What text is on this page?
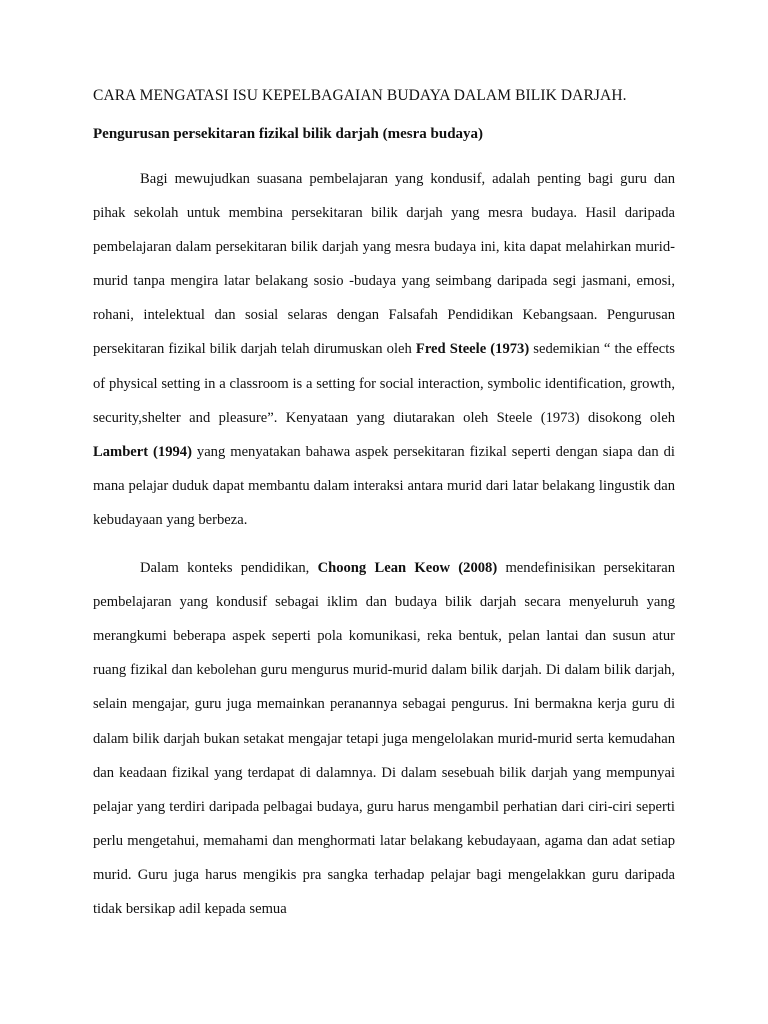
CARA MENGATASI ISU KEPELBAGAIAN BUDAYA DALAM BILIK DARJAH.
Pengurusan persekitaran fizikal bilik darjah (mesra budaya)

Bagi mewujudkan suasana pembelajaran yang kondusif, adalah penting bagi guru dan pihak sekolah untuk membina persekitaran bilik darjah yang mesra budaya. Hasil daripada pembelajaran dalam persekitaran bilik darjah yang mesra budaya ini, kita dapat melahirkan murid-murid tanpa mengira latar belakang sosio -budaya yang seimbang daripada segi jasmani, emosi, rohani, intelektual dan sosial selaras dengan Falsafah Pendidikan Kebangsaan. Pengurusan persekitaran fizikal bilik darjah telah dirumuskan oleh Fred Steele (1973) sedemikian “ the effects of physical setting in a classroom is a setting for social interaction, symbolic identification, growth, security,shelter and pleasure”. Kenyataan yang diutarakan oleh Steele (1973) disokong oleh Lambert (1994) yang menyatakan bahawa aspek persekitaran fizikal seperti dengan siapa dan di mana pelajar duduk dapat membantu dalam interaksi antara murid dari latar belakang lingustik dan kebudayaan yang berbeza.

Dalam konteks pendidikan, Choong Lean Keow (2008) mendefinisikan persekitaran pembelajaran yang kondusif sebagai iklim dan budaya bilik darjah secara menyeluruh yang merangkumi beberapa aspek seperti pola komunikasi, reka bentuk, pelan lantai dan susun atur ruang fizikal dan kebolehan guru mengurus murid-murid dalam bilik darjah. Di dalam bilik darjah, selain mengajar, guru juga memainkan peranannya sebagai pengurus. Ini bermakna kerja guru di dalam bilik darjah bukan setakat mengajar tetapi juga mengelolakan murid-murid serta kemudahan dan keadaan fizikal yang terdapat di dalamnya. Di dalam sesebuah bilik darjah yang mempunyai pelajar yang terdiri daripada pelbagai budaya, guru harus mengambil perhatian dari ciri-ciri seperti perlu mengetahui, memahami dan menghormati latar belakang kebudayaan, agama dan adat setiap murid. Guru juga harus mengikis pra sangka terhadap pelajar bagi mengelakkan guru daripada tidak bersikap adil kepada semua
